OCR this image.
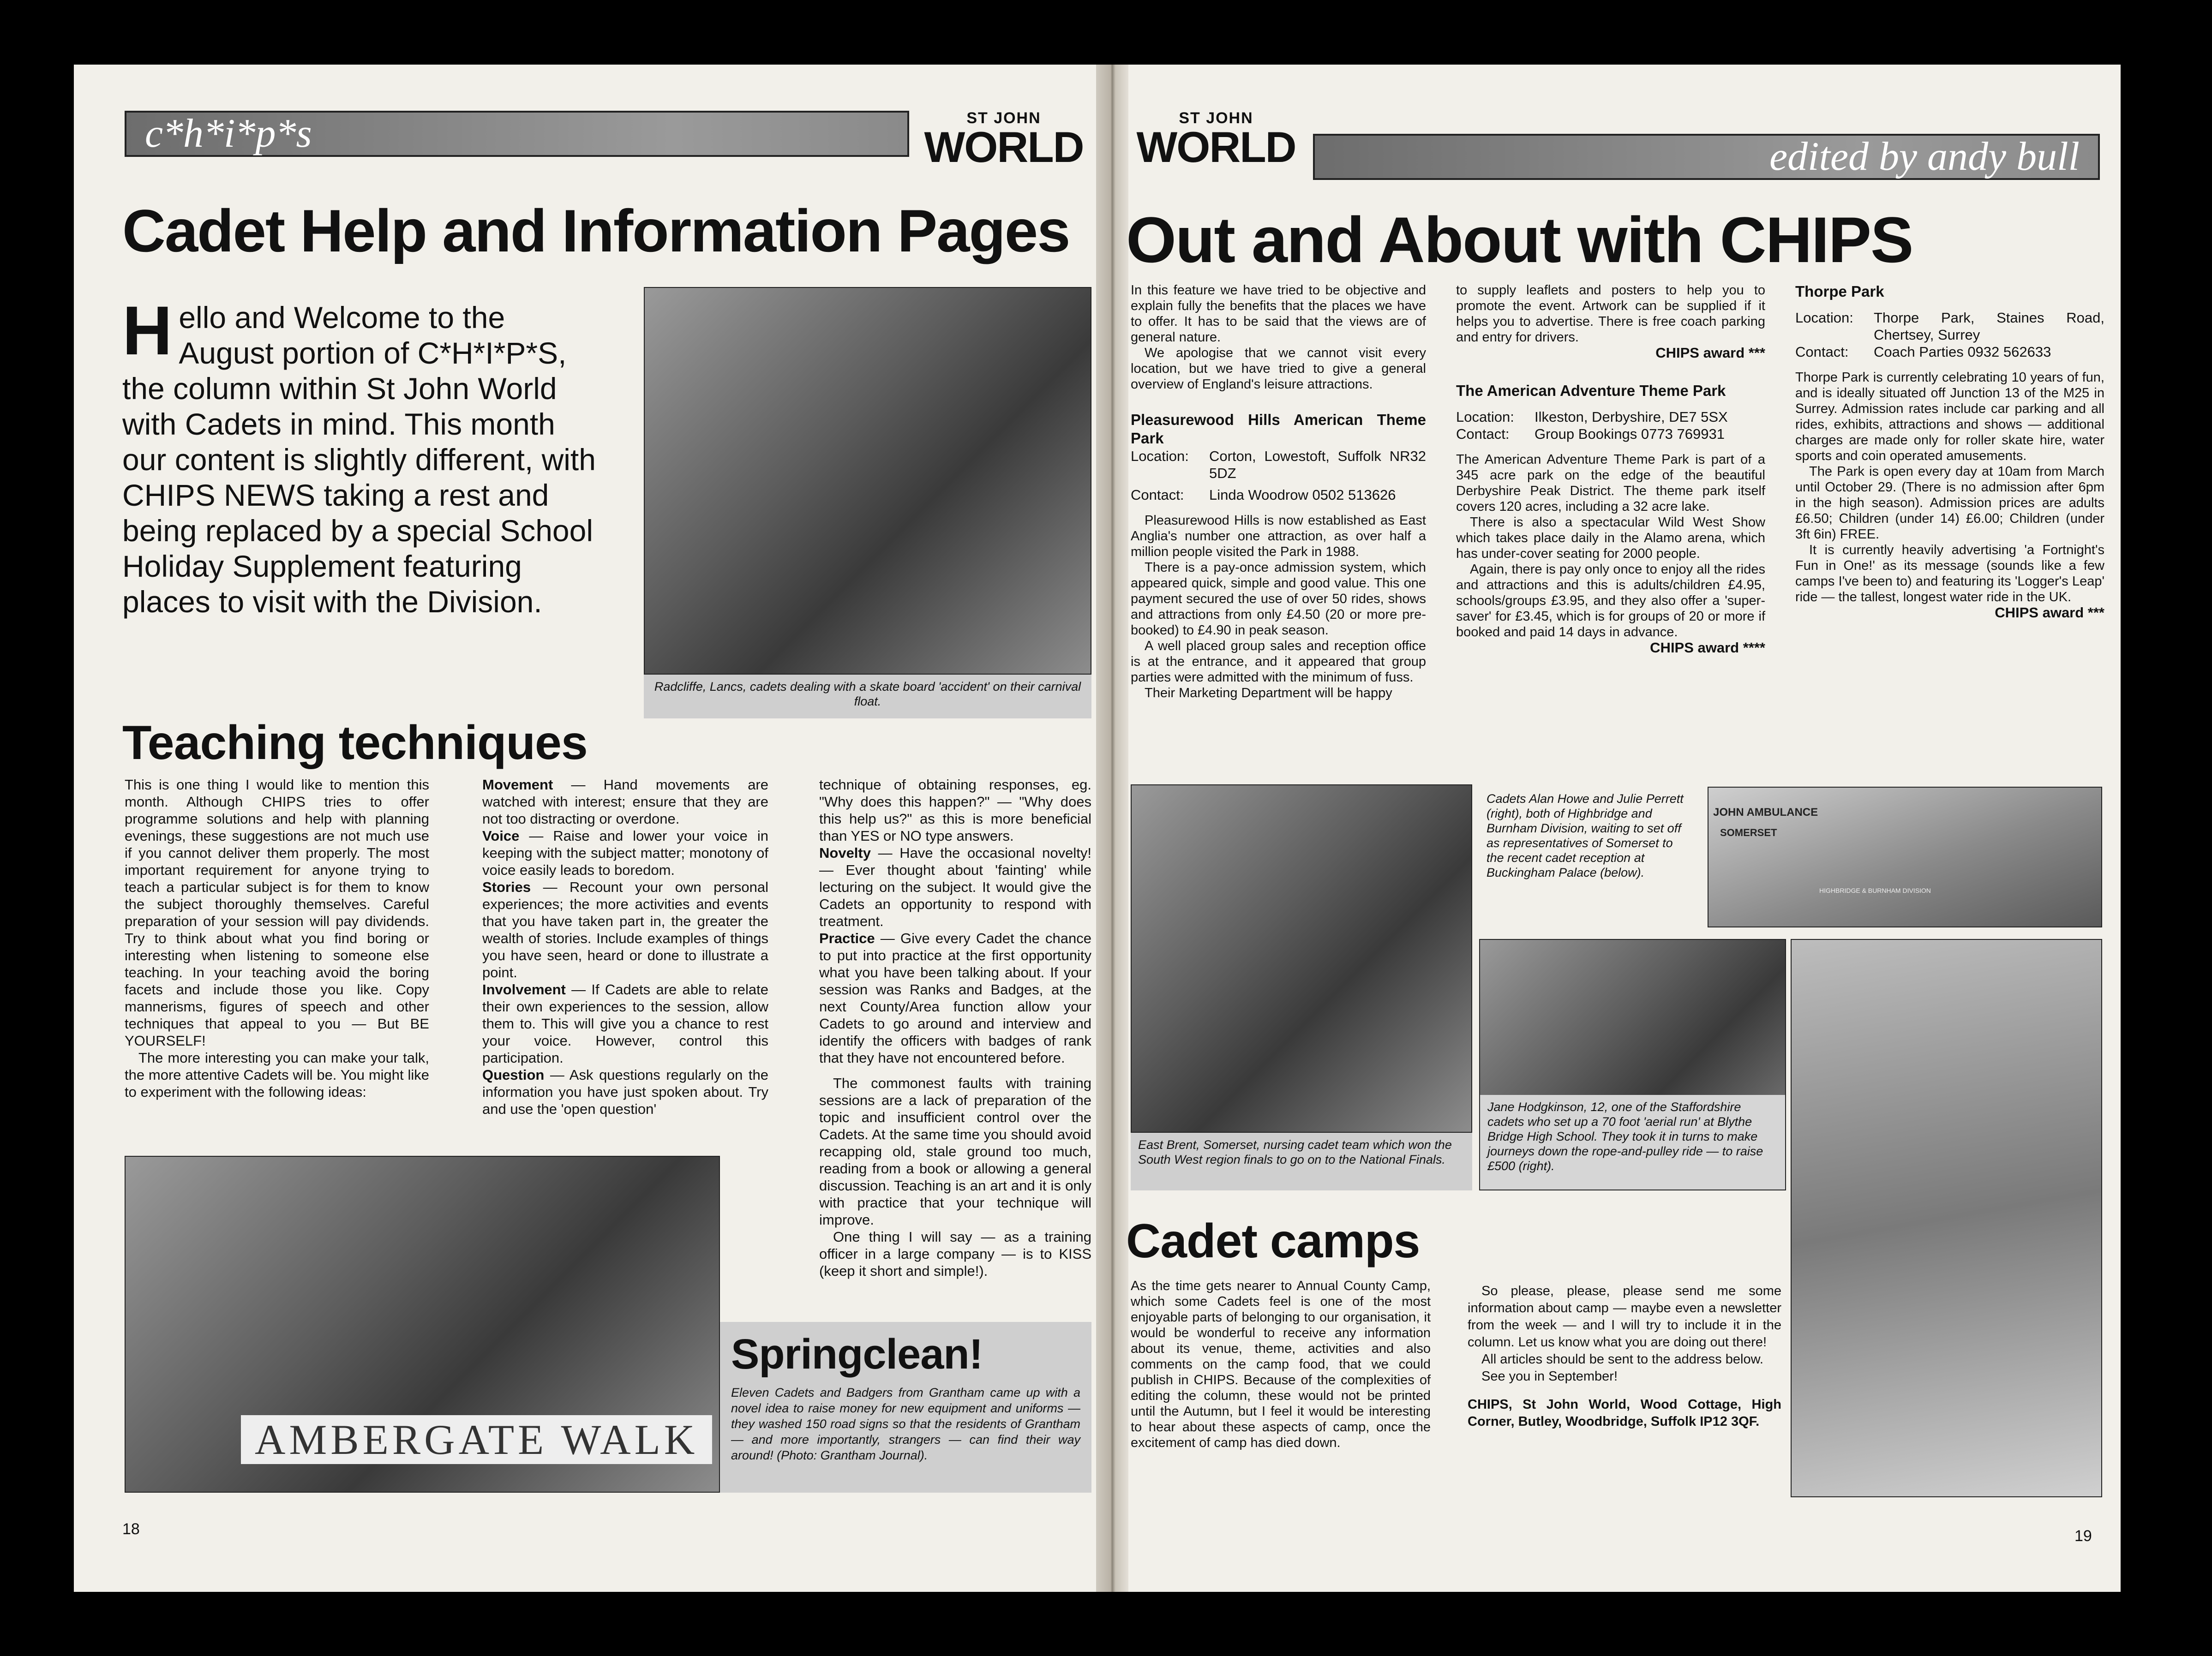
c*h*i*p*s	ST JOHN
WORLD
Cadet Help and Information Pages
Hello and Welcome to the August portion of C*H*I*P*S, the column within St John World with Cadets in mind. This month our content is slightly different, with CHIPS NEWS taking a rest and being replaced by a special School Holiday Supplement featuring places to visit with the Division.
Radcliffe, Lancs, cadets dealing with a skate board 'accident' on their carnival float.
Teaching techniques

This is one thing I would like to mention this month. Although CHIPS tries to offer programme solutions and help with planning evenings, these suggestions are not much use if you cannot deliver them properly. The most important requirement for anyone trying to teach a particular subject is for them to know the subject thoroughly themselves. Careful preparation of your session will pay dividends. Try to think about what you find boring or interesting when listening to someone else teaching. In your teaching avoid the boring facets and include those you like. Copy mannerisms, figures of speech and other techniques that appeal to you — But BE YOURSELF!

The more interesting you can make your talk, the more attentive Cadets will be. You might like to experiment with the following ideas:

Movement — Hand movements are watched with interest; ensure that they are not too distracting or overdone.

Voice — Raise and lower your voice in keeping with the subject matter; monotony of voice easily leads to boredom.

Stories — Recount your own personal experiences; the more activities and events that you have taken part in, the greater the wealth of stories. Include examples of things you have seen, heard or done to illustrate a point.

Involvement — If Cadets are able to relate their own experiences to the session, allow them to. This will give you a chance to rest your voice. However, control this participation.

Question — Ask questions regularly on the information you have just spoken about. Try and use the 'open question'

technique of obtaining responses, eg. "Why does this happen?" — "Why does this help us?" as this is more beneficial than YES or NO type answers.

Novelty — Have the occasional novelty! — Ever thought about 'fainting' while lecturing on the subject. It would give the Cadets an opportunity to respond with treatment.

Practice — Give every Cadet the chance to put into practice at the first opportunity what you have been talking about. If your session was Ranks and Badges, at the next County/Area function allow your Cadets to go around and interview and identify the officers with badges of rank that they have not encountered before.

The commonest faults with training sessions are a lack of preparation of the topic and insufficient control over the Cadets. At the same time you should avoid recapping old, stale ground too much, reading from a book or allowing a general discussion. Teaching is an art and it is only with practice that your technique will improve.

One thing I will say — as a training officer in a large company — is to KISS (keep it short and simple!).

AMBERGATE WALK
Springclean!
Eleven Cadets and Badgers from Grantham came up with a novel idea to raise money for new equipment and uniforms — they washed 150 road signs so that the residents of Grantham — and more importantly, strangers — can find their way around! (Photo: Grantham Journal).
18
ST JOHN
WORLD	edited by andy bull
Out and About with CHIPS

In this feature we have tried to be objective and explain fully the benefits that the places we have to offer. It has to be said that the views are of general nature.

We apologise that we cannot visit every location, but we have tried to give a general overview of England's leisure attractions.

Pleasurewood Hills American Theme Park
Location:	Corton, Lowestoft, Suffolk NR32 5DZ
Contact:	Linda Woodrow 0502 513626

Pleasurewood Hills is now established as East Anglia's number one attraction, as over half a million people visited the Park in 1988.

There is a pay-once admission system, which appeared quick, simple and good value. This one payment secured the use of over 50 rides, shows and attractions from only £4.50 (20 or more pre-booked) to £4.90 in peak season.

A well placed group sales and reception office is at the entrance, and it appeared that group parties were admitted with the minimum of fuss.

Their Marketing Department will be happy

to supply leaflets and posters to help you to promote the event. Artwork can be supplied if it helps you to advertise. There is free coach parking and entry for drivers.

CHIPS award ***
The American Adventure Theme Park
Location:	Ilkeston, Derbyshire, DE7 5SX
Contact:	Group Bookings 0773 769931

The American Adventure Theme Park is part of a 345 acre park on the edge of the beautiful Derbyshire Peak District. The theme park itself covers 120 acres, including a 32 acre lake.

There is also a spectacular Wild West Show which takes place daily in the Alamo arena, which has under-cover seating for 2000 people.

Again, there is pay only once to enjoy all the rides and attractions and this is adults/children £4.95, schools/groups £3.95, and they also offer a 'super-saver' for £3.45, which is for groups of 20 or more if booked and paid 14 days in advance.

CHIPS award ****
Thorpe Park
Location:	Thorpe Park, Staines Road, Chertsey, Surrey
Contact:	Coach Parties 0932 562633

Thorpe Park is currently celebrating 10 years of fun, and is ideally situated off Junction 13 of the M25 in Surrey. Admission rates include car parking and all rides, exhibits, attractions and shows — additional charges are made only for roller skate hire, water sports and coin operated amusements.

The Park is open every day at 10am from March until October 29. (There is no admission after 6pm in the high season). Admission prices are adults £6.50; Children (under 14) £6.00; Children (under 3ft 6in) FREE.

It is currently heavily advertising 'a Fortnight's Fun in One!' as its message (sounds like a few camps I've been to) and featuring its 'Logger's Leap' ride — the tallest, longest water ride in the UK.

CHIPS award ***
East Brent, Somerset, nursing cadet team which won the South West region finals to go on to the National Finals.
Cadets Alan Howe and Julie Perrett (right), both of Highbridge and Burnham Division, waiting to set off as representatives of Somerset to the recent cadet reception at Buckingham Palace (below).
JOHN AMBULANCE
SOMERSET
HIGHBRIDGE & BURNHAM DIVISION
Jane Hodgkinson, 12, one of the Staffordshire cadets who set up a 70 foot 'aerial run' at Blythe Bridge High School. They took it in turns to make journeys down the rope-and-pulley ride — to raise £500 (right).
Cadet camps

As the time gets nearer to Annual County Camp, which some Cadets feel is one of the most enjoyable parts of belonging to our organisation, it would be wonderful to receive any information about its venue, theme, activities and also comments on the camp food, that we could publish in CHIPS. Because of the complexities of editing the column, these would not be printed until the Autumn, but I feel it would be interesting to hear about these aspects of camp, once the excitement of camp has died down.

So please, please, please send me some information about camp — maybe even a newsletter from the week — and I will try to include it in the column. Let us know what you are doing out there!

All articles should be sent to the address below.

See you in September!

CHIPS, St John World, Wood Cottage, High Corner, Butley, Woodbridge, Suffolk IP12 3QF.

19
